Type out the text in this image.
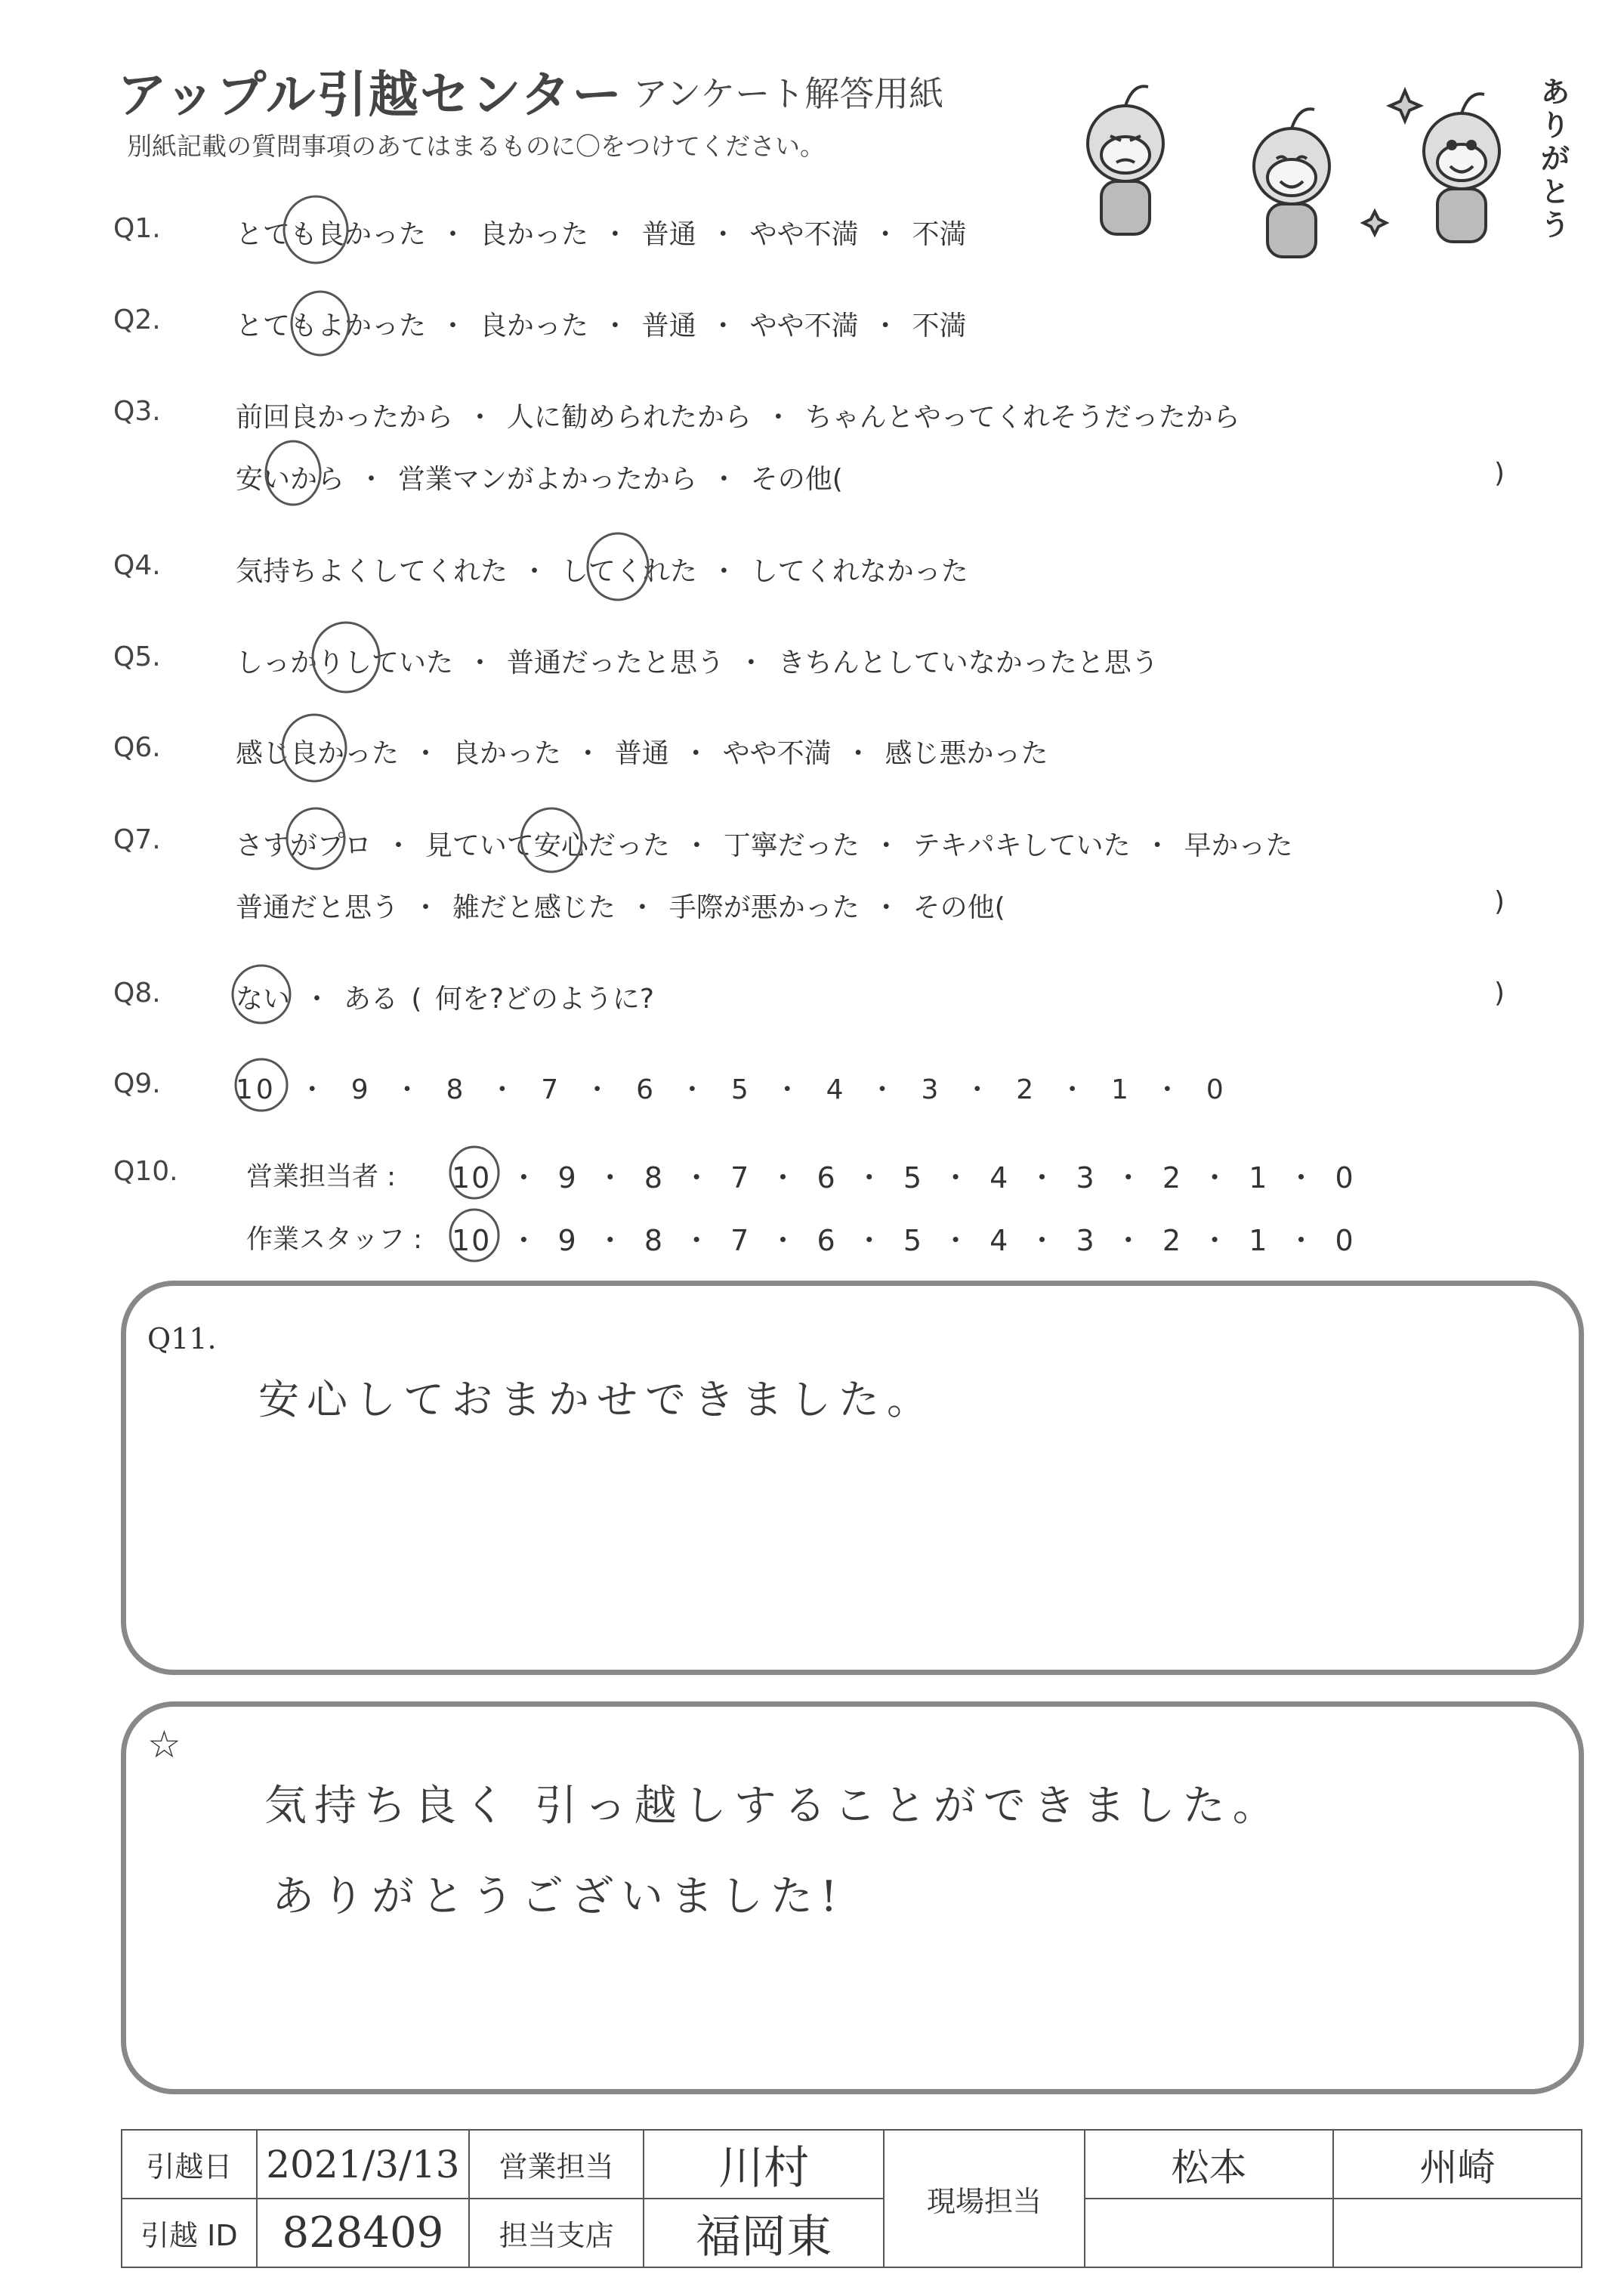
アップル引越センター アンケート解答用紙
別紙記載の質問事項のあてはまるものに〇をつけてください。
ありがとう
Q1.	とても良かった ・ 良かった ・ 普通 ・ やや不満 ・ 不満
Q2.	とてもよかった ・ 良かった ・ 普通 ・ やや不満 ・ 不満
Q3.	前回良かったから ・ 人に勧められたから ・ ちゃんとやってくれそうだったから
安いから ・ 営業マンがよかったから ・ その他(	)
Q4.	気持ちよくしてくれた ・ してくれた ・ してくれなかった
Q5.	しっかりしていた ・ 普通だったと思う ・ きちんとしていなかったと思う
Q6.	感じ良かった ・ 良かった ・ 普通 ・ やや不満 ・ 感じ悪かった
Q7.	さすがプロ ・ 見ていて安心だった ・ 丁寧だった ・ テキパキしていた ・ 早かった
普通だと思う ・ 雑だと感じた ・ 手際が悪かった ・ その他(	)
Q8.	ない ・ ある ( 何を?どのように?	)
Q9.	10 ・ 9 ・ 8 ・ 7 ・ 6 ・ 5 ・ 4 ・ 3 ・ 2 ・ 1 ・ 0
Q10.	営業担当者 : 10 ・ 9 ・ 8 ・ 7 ・ 6 ・ 5 ・ 4 ・ 3 ・ 2 ・ 1 ・ 0
作業スタッフ : 10 ・ 9 ・ 8 ・ 7 ・ 6 ・ 5 ・ 4 ・ 3 ・ 2 ・ 1 ・ 0
Q11.
安心しておまかせできました。
☆
気持ち良く 引っ越しすることができました。
ありがとうございました!
引越日	2021/3/13	営業担当	川村	現場担当	松本	州崎
引越 ID	828409	担当支店	福岡東			
